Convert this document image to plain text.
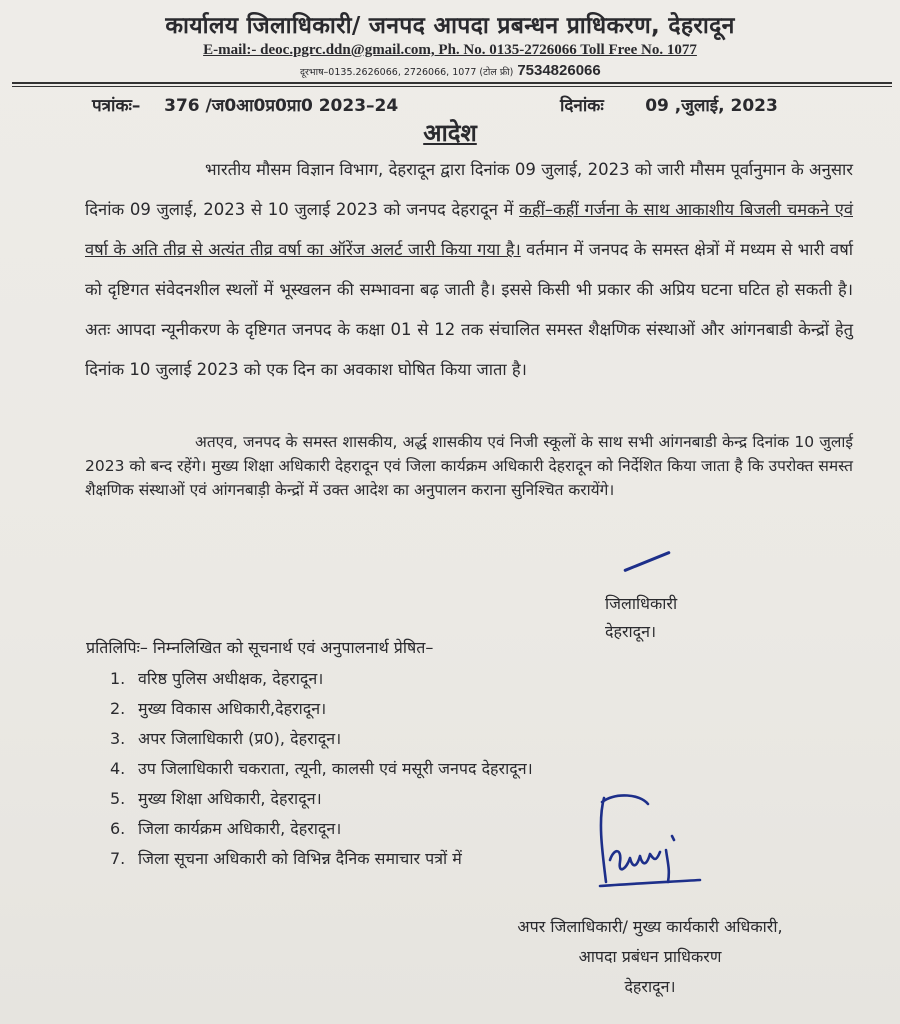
कार्यालय जिलाधिकारी/ जनपद आपदा प्रबन्धन प्राधिकरण, देहरादून
E-mail:- deoc.pgrc.ddn@gmail.com, Ph. No. 0135-2726066 Toll Free No. 1077
दूरभाष–0135.2626066, 2726066, 1077 (टोल फ्री) 7534826066
पत्रांकः– 376 /ज0आ0प्र0प्रा0 2023–24	दिनांकः 09 ,जुलाई, 2023
आदेश
भारतीय मौसम विज्ञान विभाग, देहरादून द्वारा दिनांक 09 जुलाई, 2023 को जारी मौसम पूर्वानुमान के अनुसार दिनांक 09 जुलाई, 2023 से 10 जुलाई 2023 को जनपद देहरादून में कहीं–कहीं गर्जना के साथ आकाशीय बिजली चमकने एवं वर्षा के अति तीव्र से अत्यंत तीव्र वर्षा का ऑरेंज अलर्ट जारी किया गया है। वर्तमान में जनपद के समस्त क्षेत्रों में मध्यम से भारी वर्षा को दृष्टिगत संवेदनशील स्थलों में भूस्खलन की सम्भावना बढ़ जाती है। इससे किसी भी प्रकार की अप्रिय घटना घटित हो सकती है। अतः आपदा न्यूनीकरण के दृष्टिगत जनपद के कक्षा 01 से 12 तक संचालित समस्त शैक्षणिक संस्थाओं और आंगनबाडी केन्द्रों हेतु दिनांक 10 जुलाई 2023 को एक दिन का अवकाश घोषित किया जाता है।
अतएव, जनपद के समस्त शासकीय, अर्द्ध शासकीय एवं निजी स्कूलों के साथ सभी आंगनबाडी केन्द्र दिनांक 10 जुलाई 2023 को बन्द रहेंगे। मुख्य शिक्षा अधिकारी देहरादून एवं जिला कार्यक्रम अधिकारी देहरादून को निर्देशित किया जाता है कि उपरोक्त समस्त शैक्षणिक संस्थाओं एवं आंगनबाड़ी केन्द्रों में उक्त आदेश का अनुपालन कराना सुनिश्चित करायेंगे।
जिलाधिकारी
देहरादून।
प्रतिलिपिः– निम्नलिखित को सूचनार्थ एवं अनुपालनार्थ प्रेषित–
1. वरिष्ठ पुलिस अधीक्षक, देहरादून।
2. मुख्य विकास अधिकारी,देहरादून।
3. अपर जिलाधिकारी (प्र0), देहरादून।
4. उप जिलाधिकारी चकराता, त्यूनी, कालसी एवं मसूरी जनपद देहरादून।
5. मुख्य शिक्षा अधिकारी, देहरादून।
6. जिला कार्यक्रम अधिकारी, देहरादून।
7. जिला सूचना अधिकारी को विभिन्न दैनिक समाचार पत्रों में
अपर जिलाधिकारी/ मुख्य कार्यकारी अधिकारी,
आपदा प्रबंधन प्राधिकरण
देहरादून।
